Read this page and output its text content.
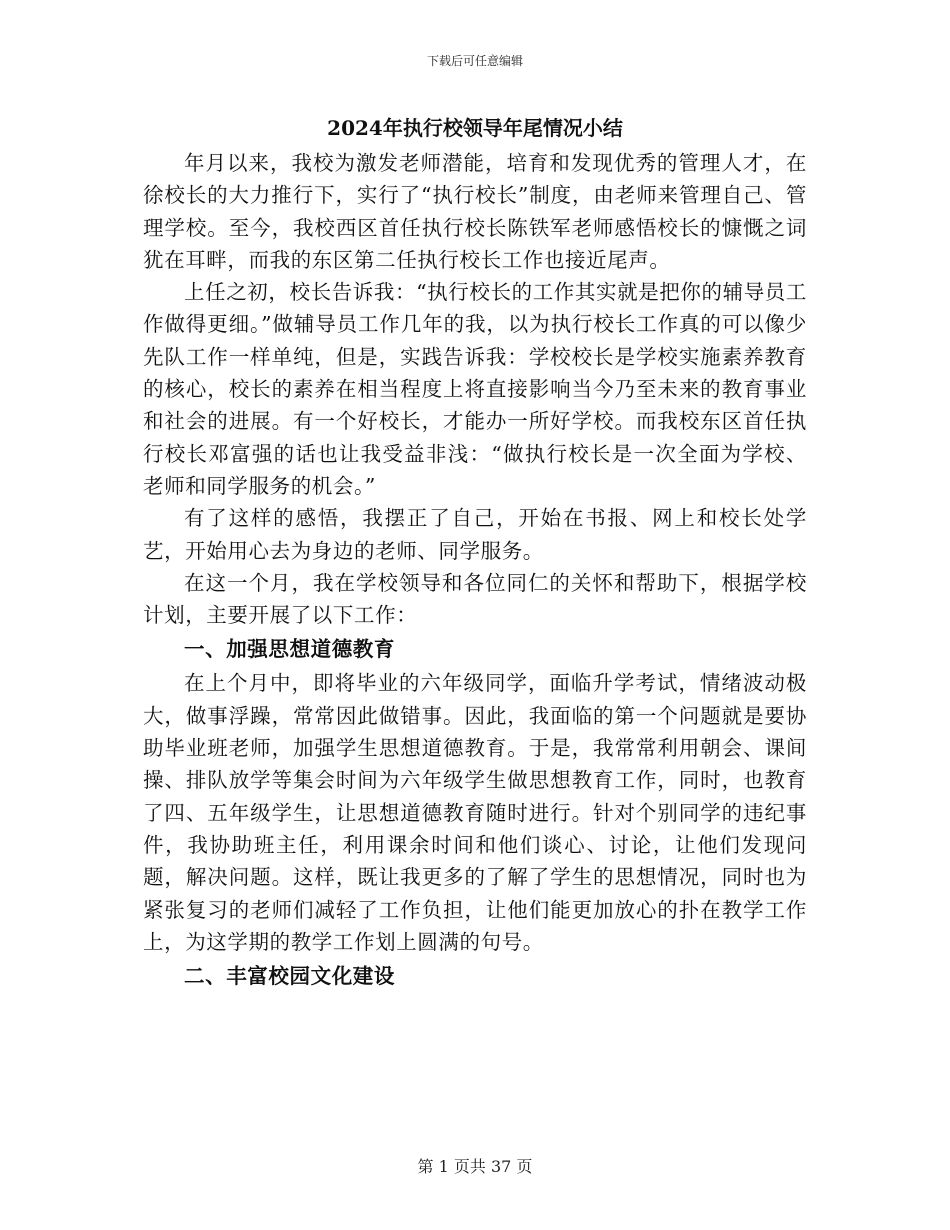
下载后可任意编辑
2024年执行校领导年尾情况小结

年月以来，我校为激发老师潜能，培育和发现优秀的管理人才，在徐校长的大力推行下，实行了“执行校长”制度，由老师来管理自己、管理学校。至今，我校西区首任执行校长陈铁军老师感悟校长的慷慨之词犹在耳畔，而我的东区第二任执行校长工作也接近尾声。

上任之初，校长告诉我：“执行校长的工作其实就是把你的辅导员工作做得更细。”做辅导员工作几年的我，以为执行校长工作真的可以像少先队工作一样单纯，但是，实践告诉我：学校校长是学校实施素养教育的核心，校长的素养在相当程度上将直接影响当今乃至未来的教育事业和社会的进展。有一个好校长，才能办一所好学校。而我校东区首任执行校长邓富强的话也让我受益非浅：“做执行校长是一次全面为学校、老师和同学服务的机会。”

有了这样的感悟，我摆正了自己，开始在书报、网上和校长处学艺，开始用心去为身边的老师、同学服务。

在这一个月，我在学校领导和各位同仁的关怀和帮助下，根据学校计划，主要开展了以下工作：

一、加强思想道德教育

在上个月中，即将毕业的六年级同学，面临升学考试，情绪波动极大，做事浮躁，常常因此做错事。因此，我面临的第一个问题就是要协助毕业班老师，加强学生思想道德教育。于是，我常常利用朝会、课间操、排队放学等集会时间为六年级学生做思想教育工作，同时，也教育了四、五年级学生，让思想道德教育随时进行。针对个别同学的违纪事件，我协助班主任，利用课余时间和他们谈心、讨论，让他们发现问题，解决问题。这样，既让我更多的了解了学生的思想情况，同时也为紧张复习的老师们减轻了工作负担，让他们能更加放心的扑在教学工作上，为这学期的教学工作划上圆满的句号。

二、丰富校园文化建设

第 1 页共 37 页
